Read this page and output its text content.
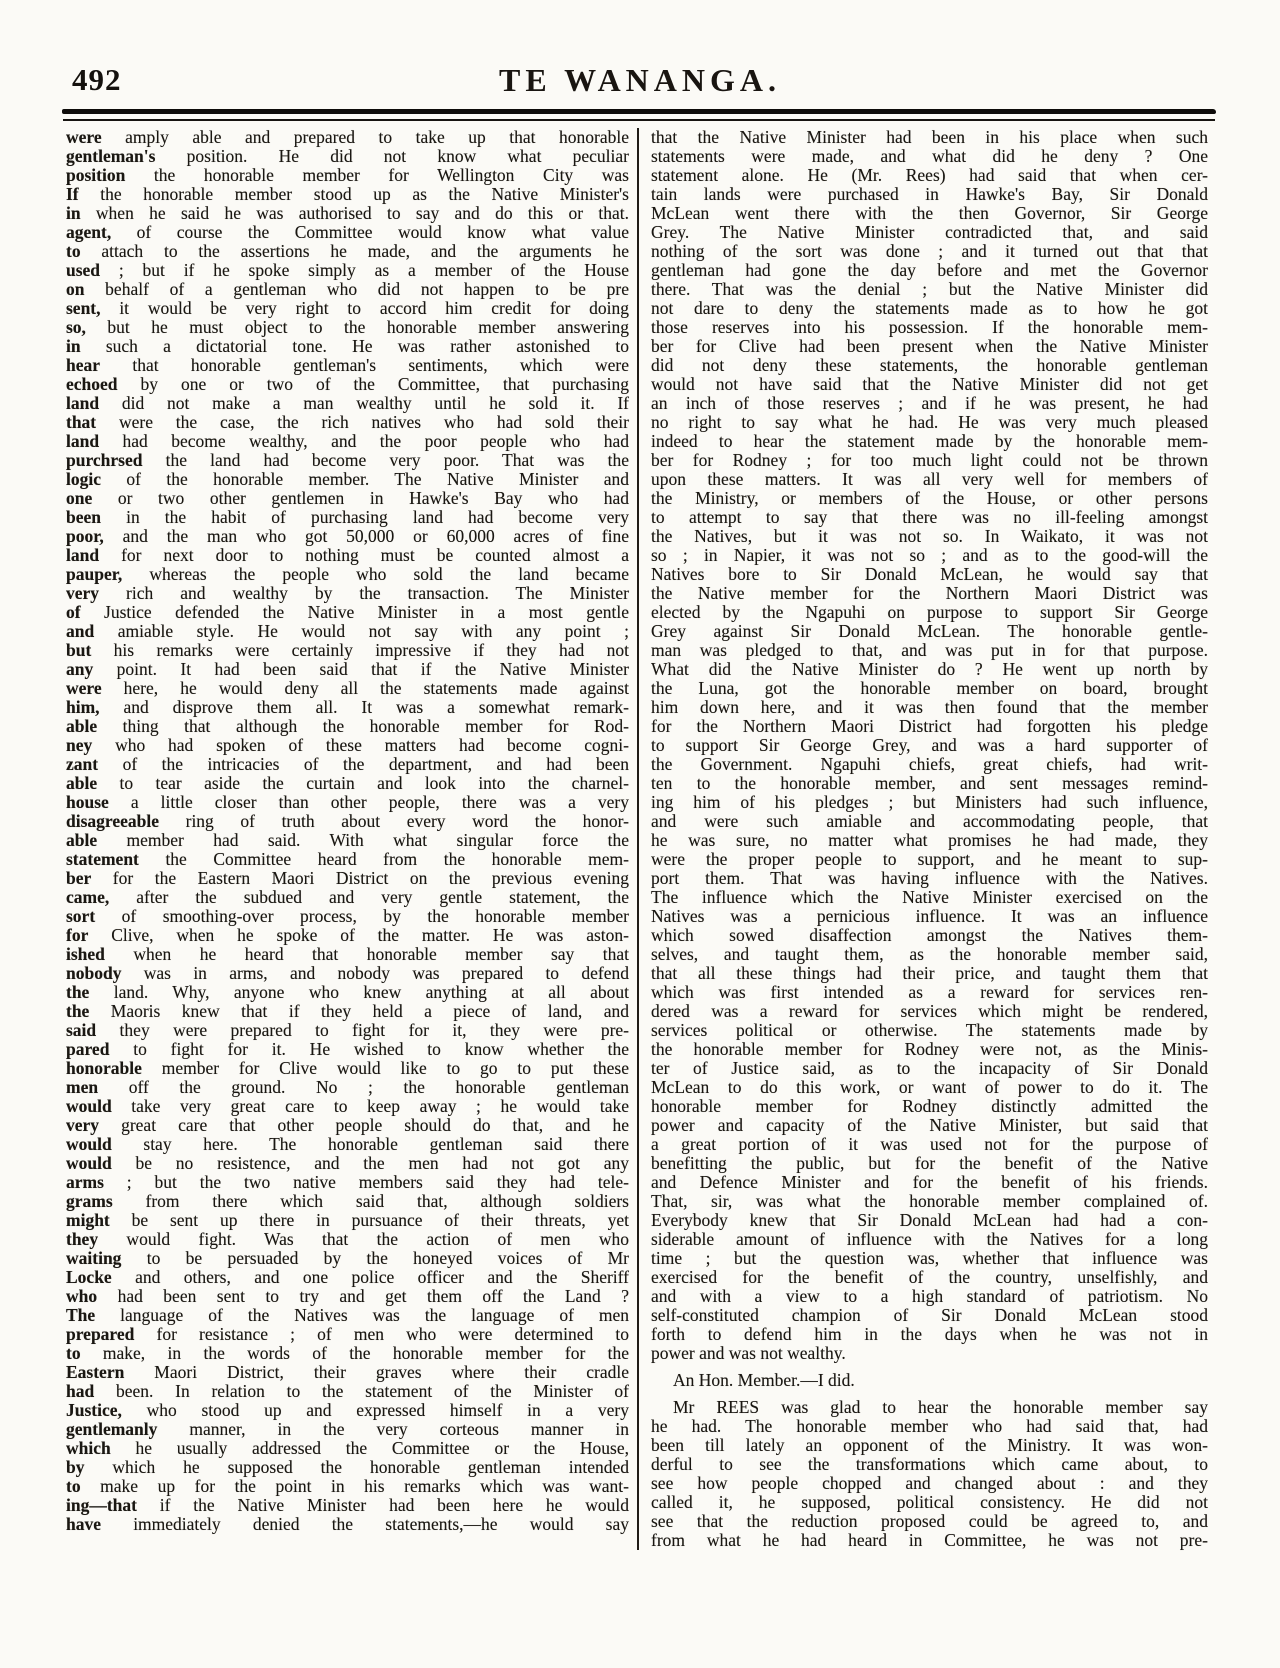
492	TE WANANGA.
were amply able and prepared to take up that honorable
gentleman's position. He did not know what peculiar
position the honorable member for Wellington City was
If the honorable member stood up as the Native Minister's
in when he said he was authorised to say and do this or that.
agent, of course the Committee would know what value
to attach to the assertions he made, and the arguments he
used ; but if he spoke simply as a member of the House
on behalf of a gentleman who did not happen to be pre
sent, it would be very right to accord him credit for doing
so, but he must object to the honorable member answering
in such a dictatorial tone. He was rather astonished to
hear that honorable gentleman's sentiments, which were
echoed by one or two of the Committee, that purchasing
land did not make a man wealthy until he sold it. If
that were the case, the rich natives who had sold their
land had become wealthy, and the poor people who had
purchrsed the land had become very poor. That was the
logic of the honorable member. The Native Minister and
one or two other gentlemen in Hawke's Bay who had
been in the habit of purchasing land had become very
poor, and the man who got 50,000 or 60,000 acres of fine
land for next door to nothing must be counted almost a
pauper, whereas the people who sold the land became
very rich and wealthy by the transaction. The Minister
of Justice defended the Native Minister in a most gentle
and amiable style. He would not say with any point ;
but his remarks were certainly impressive if they had not
any point. It had been said that if the Native Minister
were here, he would deny all the statements made against
him, and disprove them all. It was a somewhat remark-
able thing that although the honorable member for Rod-
ney who had spoken of these matters had become cogni-
zant of the intricacies of the department, and had been
able to tear aside the curtain and look into the charnel-
house a little closer than other people, there was a very
disagreeable ring of truth about every word the honor-
able member had said. With what singular force the
statement the Committee heard from the honorable mem-
ber for the Eastern Maori District on the previous evening
came, after the subdued and very gentle statement, the
sort of smoothing-over process, by the honorable member
for Clive, when he spoke of the matter. He was aston-
ished when he heard that honorable member say that
nobody was in arms, and nobody was prepared to defend
the land. Why, anyone who knew anything at all about
the Maoris knew that if they held a piece of land, and
said they were prepared to fight for it, they were pre-
pared to fight for it. He wished to know whether the
honorable member for Clive would like to go to put these
men off the ground. No ; the honorable gentleman
would take very great care to keep away ; he would take
very great care that other people should do that, and he
would stay here. The honorable gentleman said there
would be no resistence, and the men had not got any
arms ; but the two native members said they had tele-
grams from there which said that, although soldiers
might be sent up there in pursuance of their threats, yet
they would fight. Was that the action of men who
waiting to be persuaded by the honeyed voices of Mr
Locke and others, and one police officer and the Sheriff
who had been sent to try and get them off the Land ?
The language of the Natives was the language of men
prepared for resistance ; of men who were determined to
to make, in the words of the honorable member for the
Eastern Maori District, their graves where their cradle
had been. In relation to the statement of the Minister of
Justice, who stood up and expressed himself in a very
gentlemanly manner, in the very corteous manner in
which he usually addressed the Committee or the House,
by which he supposed the honorable gentleman intended
to make up for the point in his remarks which was want-
ing—that if the Native Minister had been here he would
have immediately denied the statements,—he would say
that the Native Minister had been in his place when such
statements were made, and what did he deny ? One
statement alone. He (Mr. Rees) had said that when cer-
tain lands were purchased in Hawke's Bay, Sir Donald
McLean went there with the then Governor, Sir George
Grey. The Native Minister contradicted that, and said
nothing of the sort was done ; and it turned out that that
gentleman had gone the day before and met the Governor
there. That was the denial ; but the Native Minister did
not dare to deny the statements made as to how he got
those reserves into his possession. If the honorable mem-
ber for Clive had been present when the Native Minister
did not deny these statements, the honorable gentleman
would not have said that the Native Minister did not get
an inch of those reserves ; and if he was present, he had
no right to say what he had. He was very much pleased
indeed to hear the statement made by the honorable mem-
ber for Rodney ; for too much light could not be thrown
upon these matters. It was all very well for members of
the Ministry, or members of the House, or other persons
to attempt to say that there was no ill-feeling amongst
the Natives, but it was not so. In Waikato, it was not
so ; in Napier, it was not so ; and as to the good-will the
Natives bore to Sir Donald McLean, he would say that
the Native member for the Northern Maori District was
elected by the Ngapuhi on purpose to support Sir George
Grey against Sir Donald McLean. The honorable gentle-
man was pledged to that, and was put in for that purpose.
What did the Native Minister do ? He went up north by
the Luna, got the honorable member on board, brought
him down here, and it was then found that the member
for the Northern Maori District had forgotten his pledge
to support Sir George Grey, and was a hard supporter of
the Government. Ngapuhi chiefs, great chiefs, had writ-
ten to the honorable member, and sent messages remind-
ing him of his pledges ; but Ministers had such influence,
and were such amiable and accommodating people, that
he was sure, no matter what promises he had made, they
were the proper people to support, and he meant to sup-
port them. That was having influence with the Natives.
The influence which the Native Minister exercised on the
Natives was a pernicious influence. It was an influence
which sowed disaffection amongst the Natives them-
selves, and taught them, as the honorable member said,
that all these things had their price, and taught them that
which was first intended as a reward for services ren-
dered was a reward for services which might be rendered,
services political or otherwise. The statements made by
the honorable member for Rodney were not, as the Minis-
ter of Justice said, as to the incapacity of Sir Donald
McLean to do this work, or want of power to do it. The
honorable member for Rodney distinctly admitted the
power and capacity of the Native Minister, but said that
a great portion of it was used not for the purpose of
benefitting the public, but for the benefit of the Native
and Defence Minister and for the benefit of his friends.
That, sir, was what the honorable member complained of.
Everybody knew that Sir Donald McLean had had a con-
siderable amount of influence with the Natives for a long
time ; but the question was, whether that influence was
exercised for the benefit of the country, unselfishly, and
and with a view to a high standard of patriotism. No
self-constituted champion of Sir Donald McLean stood
forth to defend him in the days when he was not in
power and was not wealthy.
An Hon. Member.—I did.
Mr REES was glad to hear the honorable member say
he had. The honorable member who had said that, had
been till lately an opponent of the Ministry. It was won-
derful to see the transformations which came about, to
see how people chopped and changed about : and they
called it, he supposed, political consistency. He did not
see that the reduction proposed could be agreed to, and
from what he had heard in Committee, he was not pre-
